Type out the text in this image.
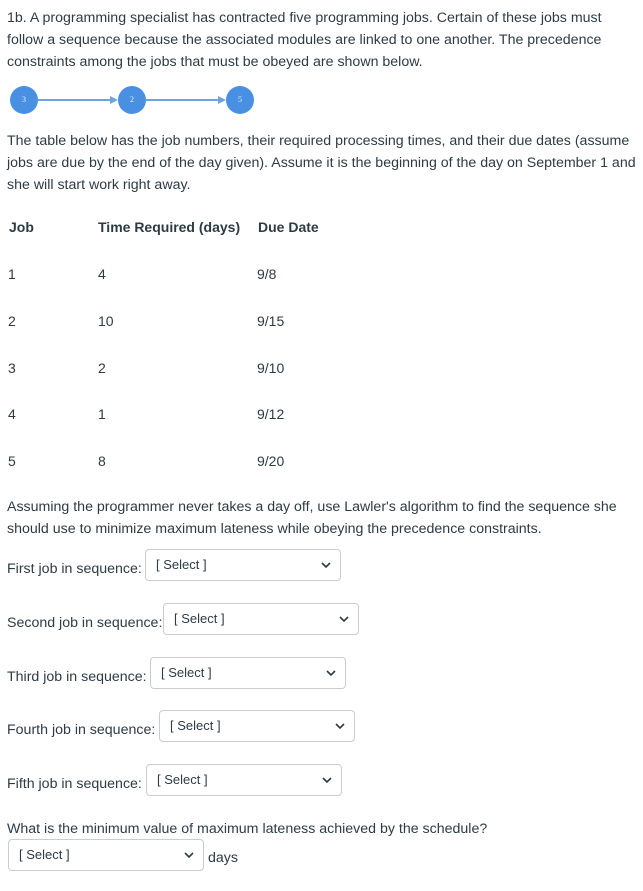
1b. A programming specialist has contracted five programming jobs. Certain of these jobs must follow a sequence because the associated modules are linked to one another. The precedence constraints among the jobs that must be obeyed are shown below.

3	2	5

The table below has the job numbers, their required processing times, and their due dates (assume jobs are due by the end of the day given). Assume it is the beginning of the day on September 1 and she will start work right away.

Job	Time Required (days) Due Date
1	4	9/8
2	10	9/15
3	2	9/10
4	1	9/12
5	8	9/20

Assuming the programmer never takes a day off, use Lawler's algorithm to find the sequence she should use to minimize maximum lateness while obeying the precedence constraints.

First job in sequence: [ Select ]
Second job in sequence: [ Select ]
Third job in sequence: [ Select ]
Fourth job in sequence: [ Select ]
Fifth job in sequence: [ Select ]

What is the minimum value of maximum lateness achieved by the schedule?

[ Select ]	days
